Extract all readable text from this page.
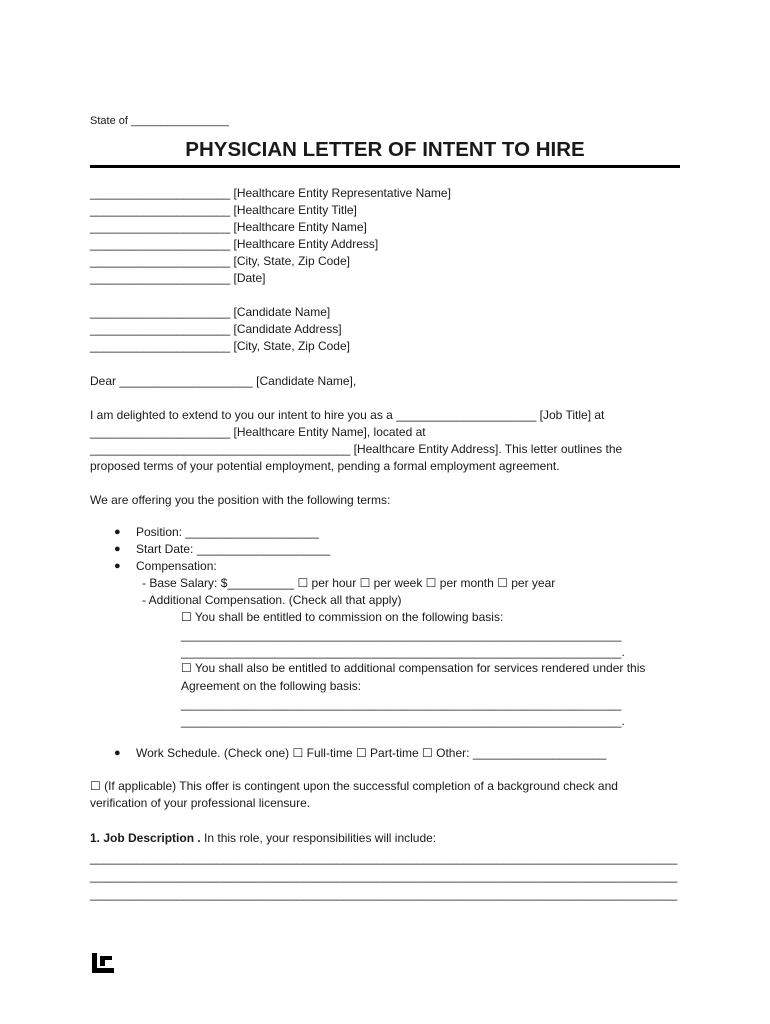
State of ________________
PHYSICIAN LETTER OF INTENT TO HIRE
_____________________ [Healthcare Entity Representative Name]
_____________________ [Healthcare Entity Title]
_____________________ [Healthcare Entity Name]
_____________________ [Healthcare Entity Address]
_____________________ [City, State, Zip Code]
_____________________ [Date]
_____________________ [Candidate Name]
_____________________ [Candidate Address]
_____________________ [City, State, Zip Code]
Dear ____________________ [Candidate Name],
I am delighted to extend to you our intent to hire you as a _____________________ [Job Title] at
_____________________ [Healthcare Entity Name], located at
_______________________________________ [Healthcare Entity Address]. This letter outlines the
proposed terms of your potential employment, pending a formal employment agreement.
We are offering you the position with the following terms:
● Position: ____________________
● Start Date: ____________________
● Compensation:
- Base Salary: $__________ ☐ per hour ☐ per week ☐ per month ☐ per year
- Additional Compensation. (Check all that apply)
☐ You shall be entitled to commission on the following basis:
__________________________________________________________________
__________________________________________________________________.
☐ You shall also be entitled to additional compensation for services rendered under this
Agreement on the following basis:
__________________________________________________________________
__________________________________________________________________.
● Work Schedule. (Check one) ☐ Full-time ☐ Part-time ☐ Other: ____________________
☐ (If applicable) This offer is contingent upon the successful completion of a background check and
verification of your professional licensure.
1. Job Description . In this role, your responsibilities will include:
________________________________________________________________________________________
________________________________________________________________________________________
________________________________________________________________________________________
